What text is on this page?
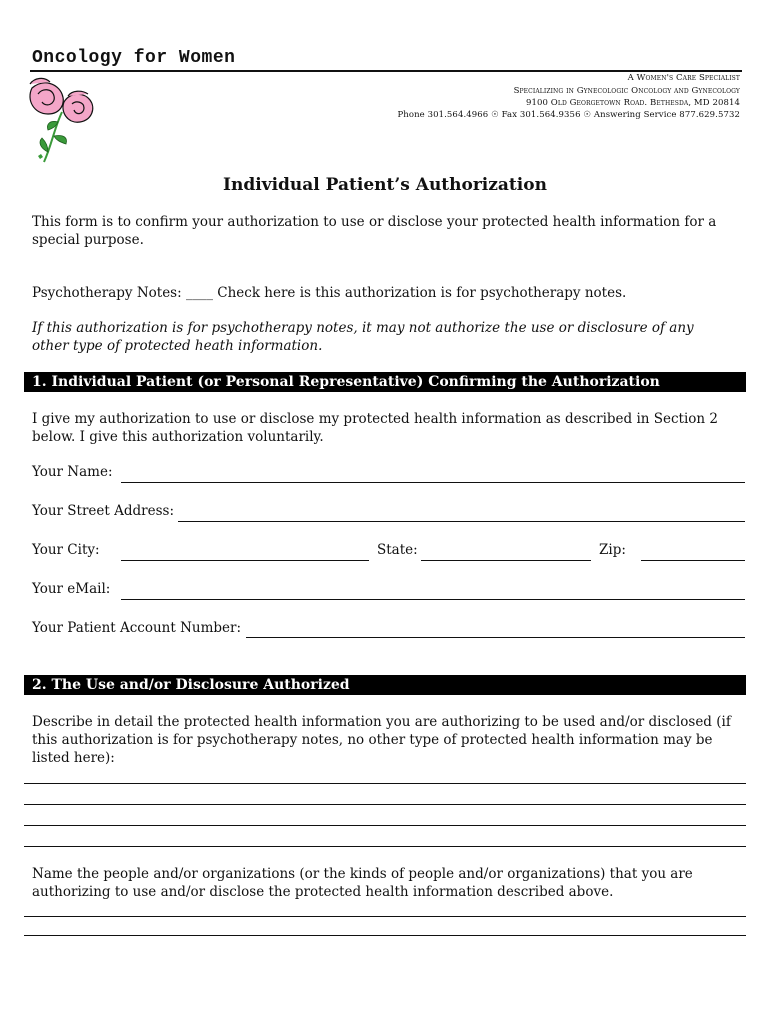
Oncology for Women
A Women's Care Specialist
Specializing in Gynecologic Oncology and Gynecology
9100 Old Georgetown Road. Bethesda, MD 20814
Phone 301.564.4966 ☉ Fax 301.564.9356 ☉ Answering Service 877.629.5732
Individual Patient’s Authorization
This form is to confirm your authorization to use or disclose your protected health information for a special purpose.
Psychotherapy Notes: ____ Check here is this authorization is for psychotherapy notes.
If this authorization is for psychotherapy notes, it may not authorize the use or disclosure of any other type of protected heath information.
1. Individual Patient (or Personal Representative) Confirming the Authorization
I give my authorization to use or disclose my protected health information as described in Section 2 below. I give this authorization voluntarily.
Your Name:
Your Street Address:
Your City:	State:	Zip:
Your eMail:
Your Patient Account Number:
2. The Use and/or Disclosure Authorized
Describe in detail the protected health information you are authorizing to be used and/or disclosed (if this authorization is for psychotherapy notes, no other type of protected health information may be listed here):
Name the people and/or organizations (or the kinds of people and/or organizations) that you are authorizing to use and/or disclose the protected health information described above.
